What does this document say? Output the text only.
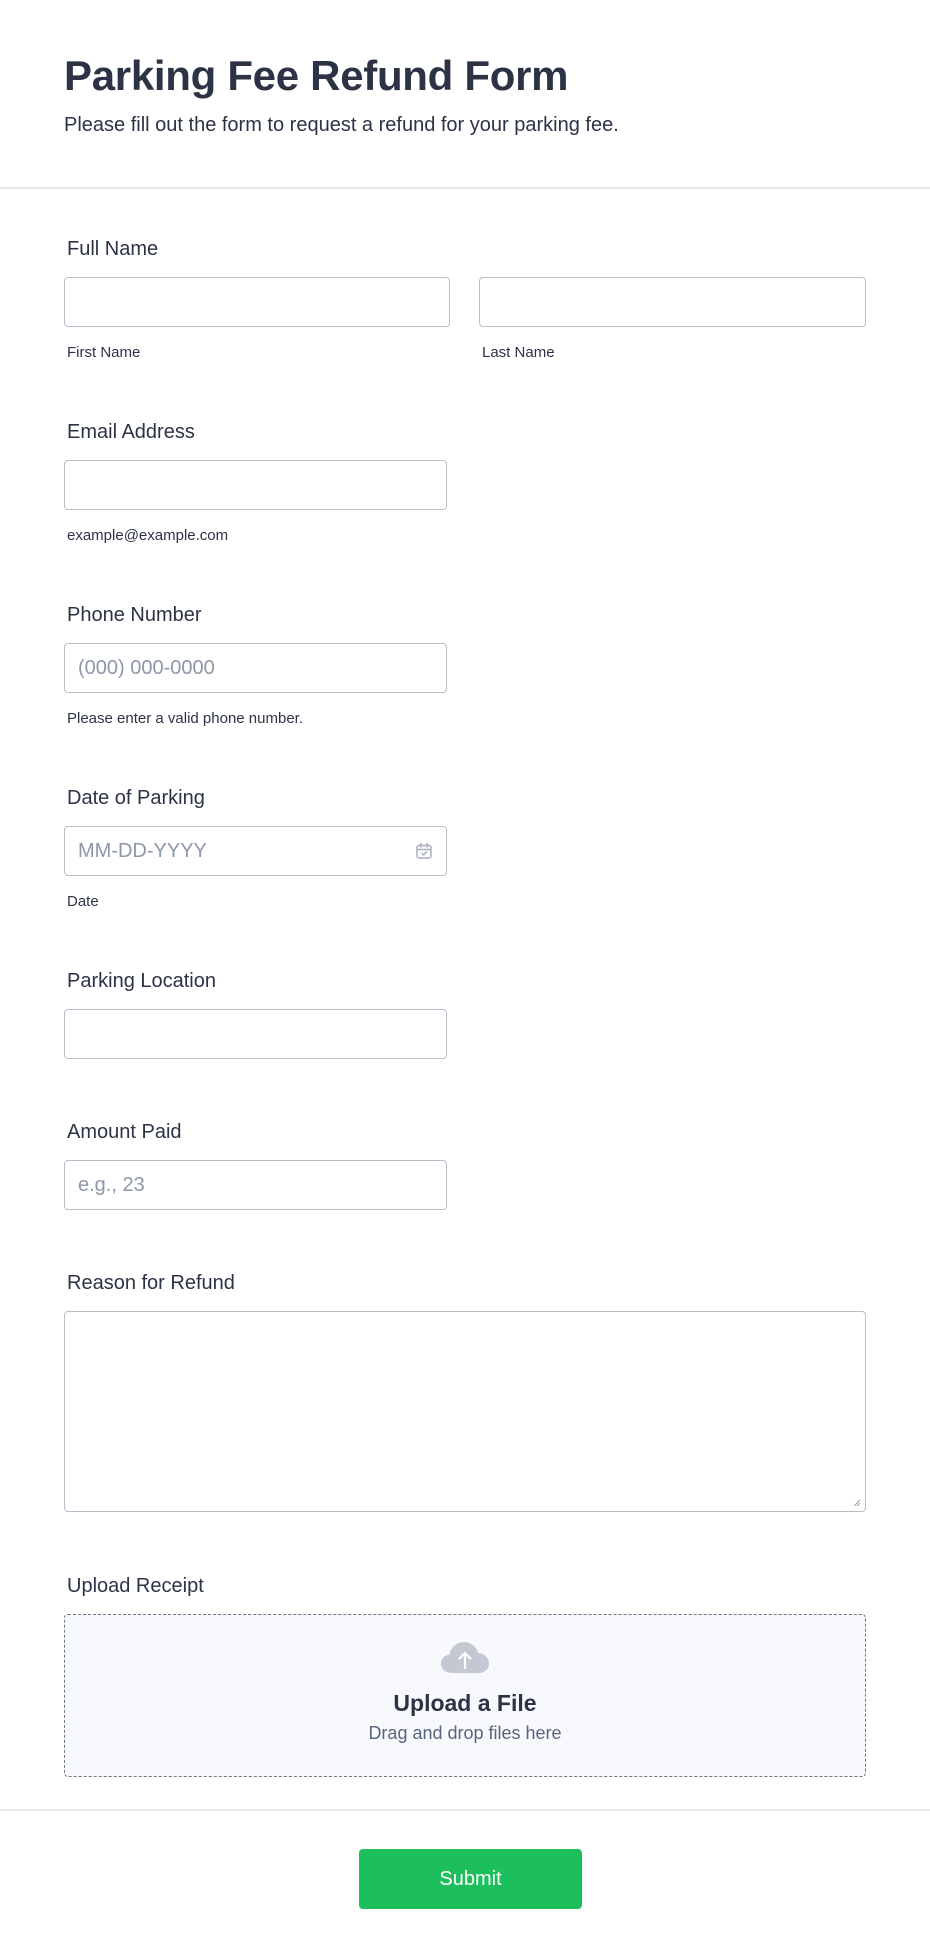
Parking Fee Refund Form

Please fill out the form to request a refund for your parking fee.

Full Name
First Name	Last Name
Email Address
example@example.com
Phone Number
(000) 000-0000
Please enter a valid phone number.
Date of Parking
MM-DD-YYYY
Date
Parking Location
Amount Paid
e.g., 23
Reason for Refund
Upload Receipt
Upload a File
Drag and drop files here
Submit
